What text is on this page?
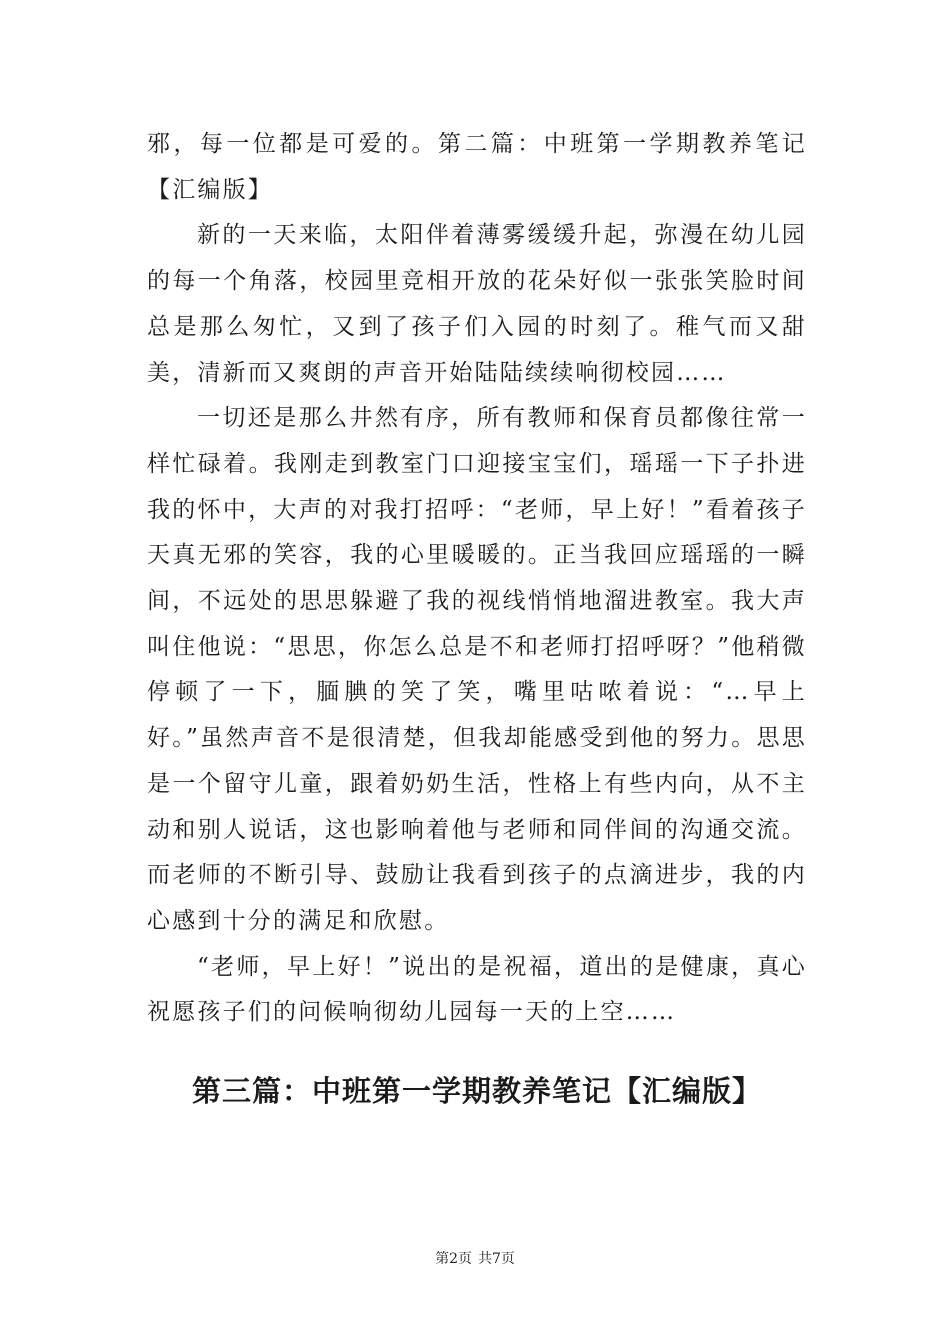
邪，每一位都是可爱的。第二篇：中班第一学期教养笔记【汇编版】

新的一天来临，太阳伴着薄雾缓缓升起，弥漫在幼儿园的每一个角落，校园里竞相开放的花朵好似一张张笑脸时间总是那么匆忙，又到了孩子们入园的时刻了。稚气而又甜美，清新而又爽朗的声音开始陆陆续续响彻校园……

一切还是那么井然有序，所有教师和保育员都像往常一样忙碌着。我刚走到教室门口迎接宝宝们，瑶瑶一下子扑进我的怀中，大声的对我打招呼：“老师，早上好！”看着孩子天真无邪的笑容，我的心里暖暖的。正当我回应瑶瑶的一瞬间，不远处的思思躲避了我的视线悄悄地溜进教室。我大声叫住他说：“思思，你怎么总是不和老师打招呼呀？”他稍微停顿了一下，腼腆的笑了笑，嘴里咕哝着说：“…早上好。”虽然声音不是很清楚，但我却能感受到他的努力。思思是一个留守儿童，跟着奶奶生活，性格上有些内向，从不主动和别人说话，这也影响着他与老师和同伴间的沟通交流。而老师的不断引导、鼓励让我看到孩子的点滴进步，我的内心感到十分的满足和欣慰。

“老师，早上好！”说出的是祝福，道出的是健康，真心祝愿孩子们的问候响彻幼儿园每一天的上空……

第三篇：中班第一学期教养笔记【汇编版】
第2页 共7页
